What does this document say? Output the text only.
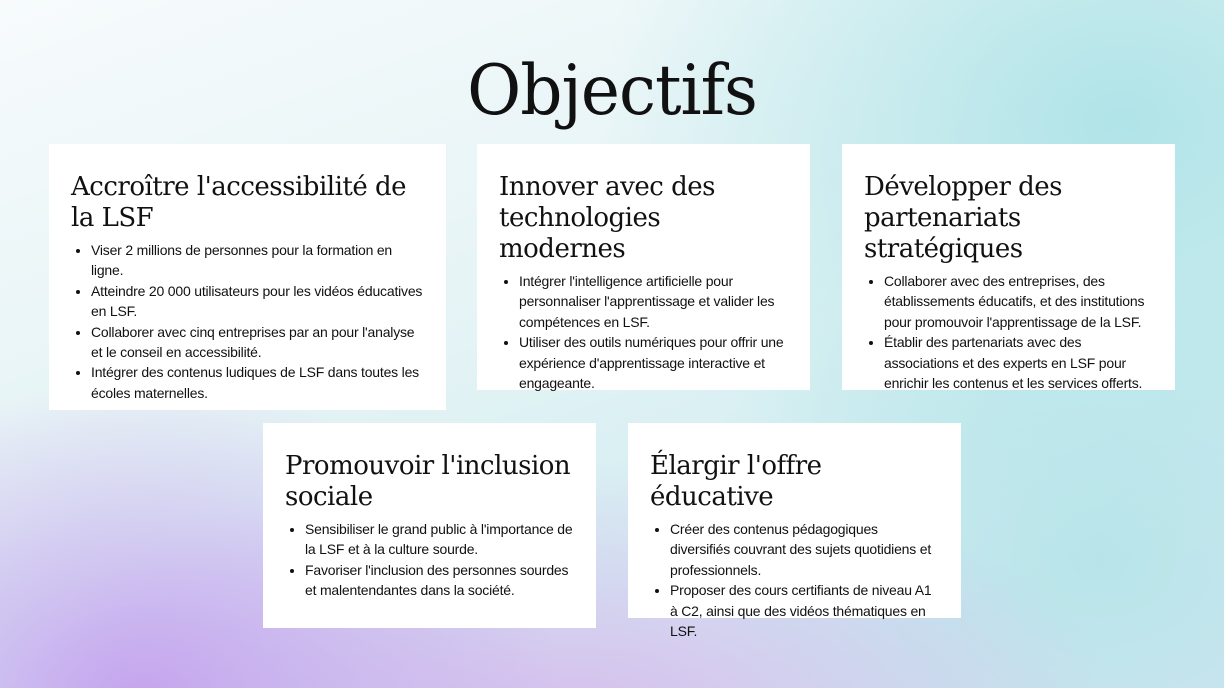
Objectifs
Accroître l'accessibilité de la LSF
• Viser 2 millions de personnes pour la formation en ligne.
• Atteindre 20 000 utilisateurs pour les vidéos éducatives en LSF.
• Collaborer avec cinq entreprises par an pour l'analyse et le conseil en accessibilité.
• Intégrer des contenus ludiques de LSF dans toutes les écoles maternelles.
Innover avec des technologies modernes
• Intégrer l'intelligence artificielle pour personnaliser l'apprentissage et valider les compétences en LSF.
• Utiliser des outils numériques pour offrir une expérience d'apprentissage interactive et engageante.
Développer des partenariats stratégiques
• Collaborer avec des entreprises, des établissements éducatifs, et des institutions pour promouvoir l'apprentissage de la LSF.
• Établir des partenariats avec des associations et des experts en LSF pour enrichir les contenus et les services offerts.
Promouvoir l'inclusion sociale
• Sensibiliser le grand public à l'importance de la LSF et à la culture sourde.
• Favoriser l'inclusion des personnes sourdes et malentendantes dans la société.
Élargir l'offre éducative
• Créer des contenus pédagogiques diversifiés couvrant des sujets quotidiens et professionnels.
• Proposer des cours certifiants de niveau A1 à C2, ainsi que des vidéos thématiques en LSF.
